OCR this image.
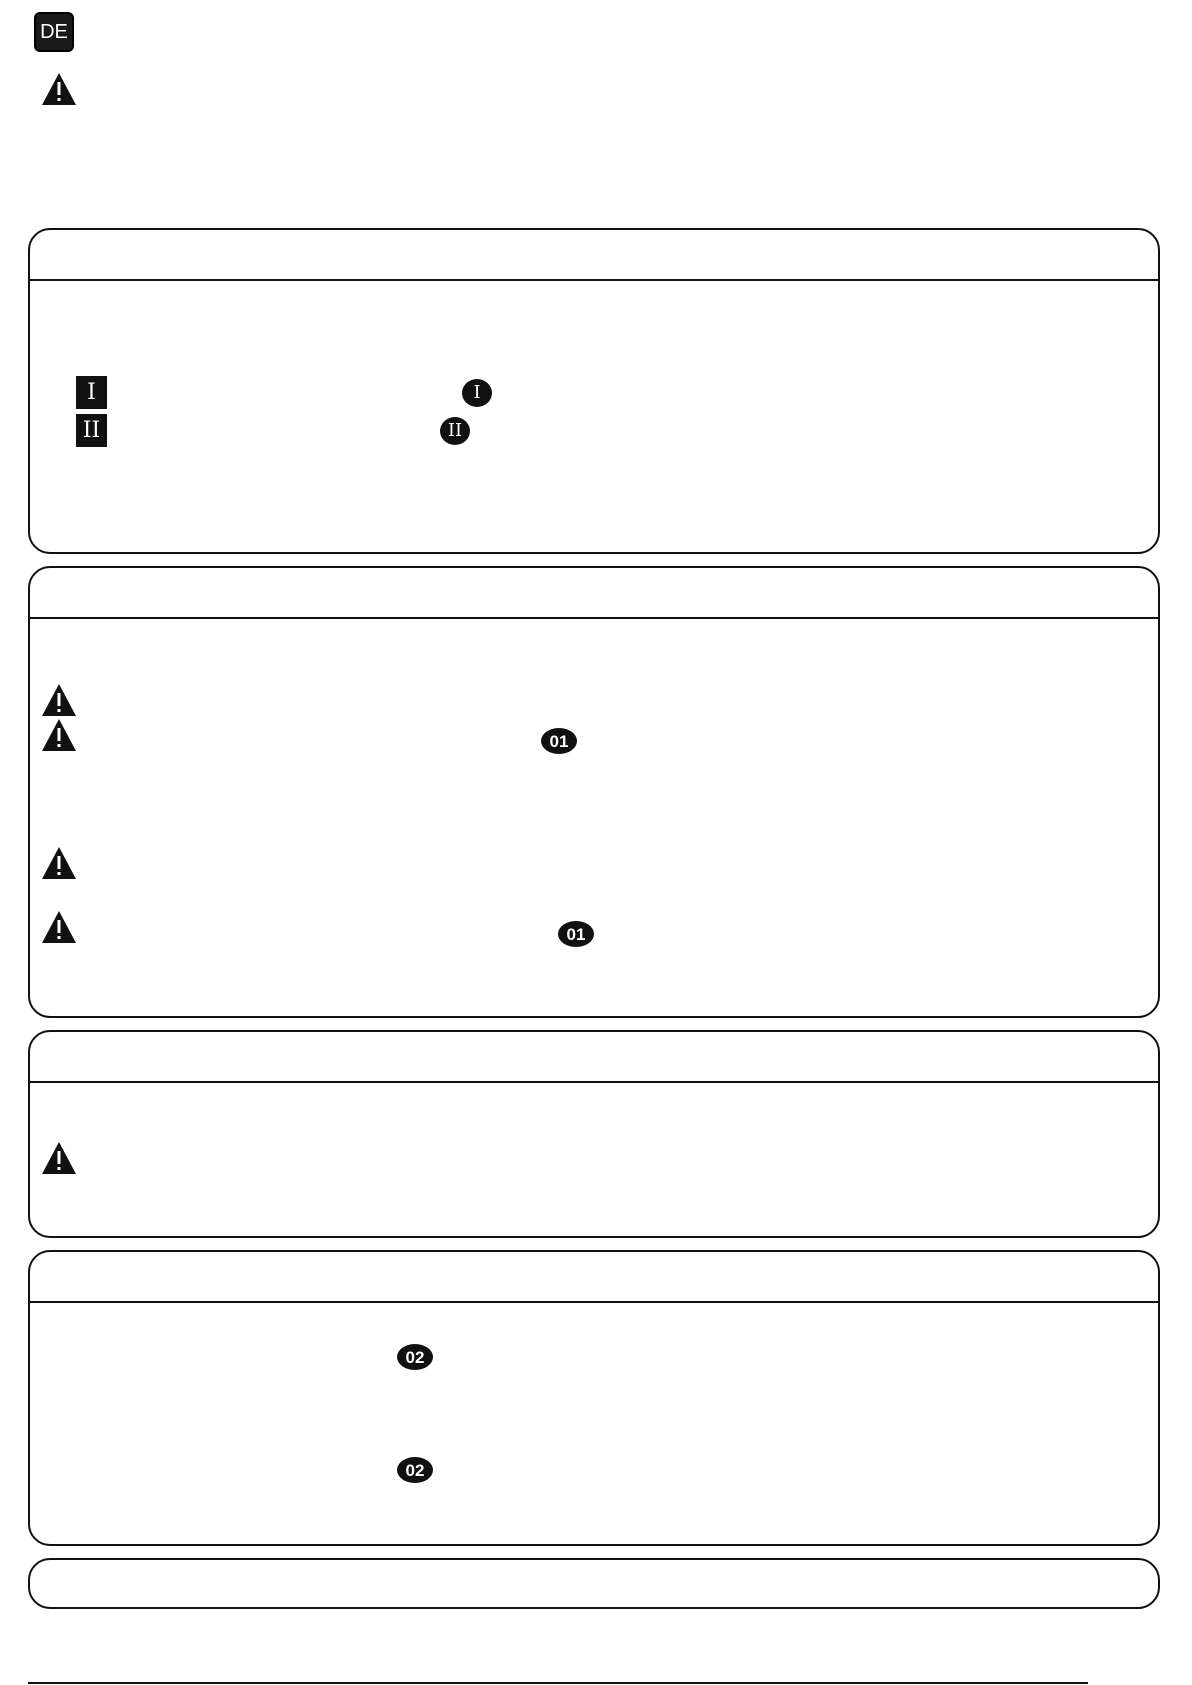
DE
I
II
I
II
01
01
02
02
